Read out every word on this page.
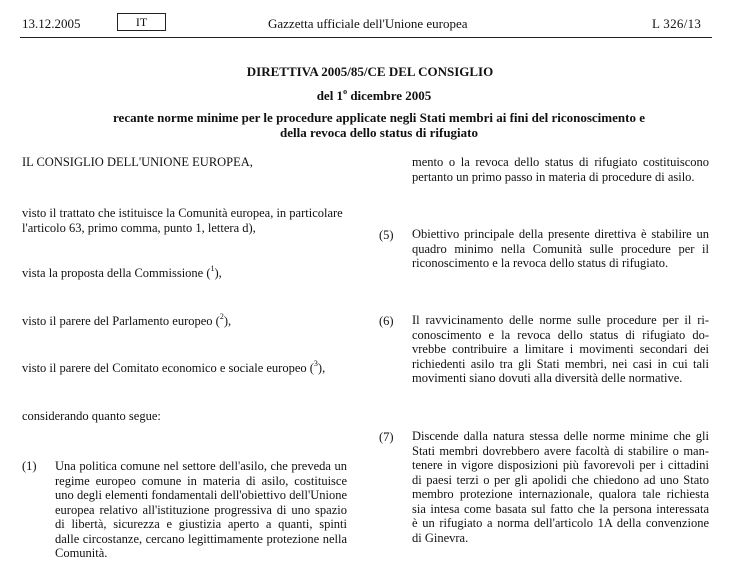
13.12.2005	IT	Gazzetta ufficiale dell'Unione europea	L 326/13
DIRETTIVA 2005/85/CE DEL CONSIGLIO
del 1$^o$ dicembre 2005
recante norme minime per le procedure applicate negli Stati membri ai fini del riconoscimento e
della revoca dello status di rifugiato
IL CONSIGLIO DELL'UNIONE EUROPEA,
visto il trattato che istituisce la Comunità europea, in particolare
l'articolo 63, primo comma, punto 1, lettera d),
vista la proposta della Commissione ($^1$),
visto il parere del Parlamento europeo ($^2$),
visto il parere del Comitato economico e sociale europeo ($^3$),
considerando quanto segue:
(1) Una politica comune nel settore dell'asilo, che preveda un
regime europeo comune in materia di asilo, costituisce
uno degli elementi fondamentali dell'obiettivo dell'Unione
europea relativo all'istituzione progressiva di uno spazio
di libertà, sicurezza e giustizia aperto a quanti, spinti
dalle circostanze, cercano legittimamente protezione nella
Comunità.
mento o la revoca dello status di rifugiato costituiscono
pertanto un primo passo in materia di procedure di asilo.
(5) Obiettivo principale della presente direttiva è stabilire un
quadro minimo nella Comunità sulle procedure per il
riconoscimento e la revoca dello status di rifugiato.
(6) Il ravvicinamento delle norme sulle procedure per il ri-
conoscimento e la revoca dello status di rifugiato do-
vrebbe contribuire a limitare i movimenti secondari dei
richiedenti asilo tra gli Stati membri, nei casi in cui tali
movimenti siano dovuti alla diversità delle normative.
(7) Discende dalla natura stessa delle norme minime che gli
Stati membri dovrebbero avere facoltà di stabilire o man-
tenere in vigore disposizioni più favorevoli per i cittadini
di paesi terzi o per gli apolidi che chiedono ad uno Stato
membro protezione internazionale, qualora tale richiesta
sia intesa come basata sul fatto che la persona interessata
è un rifugiato a norma dell'articolo 1A della convenzione
di Ginevra.
